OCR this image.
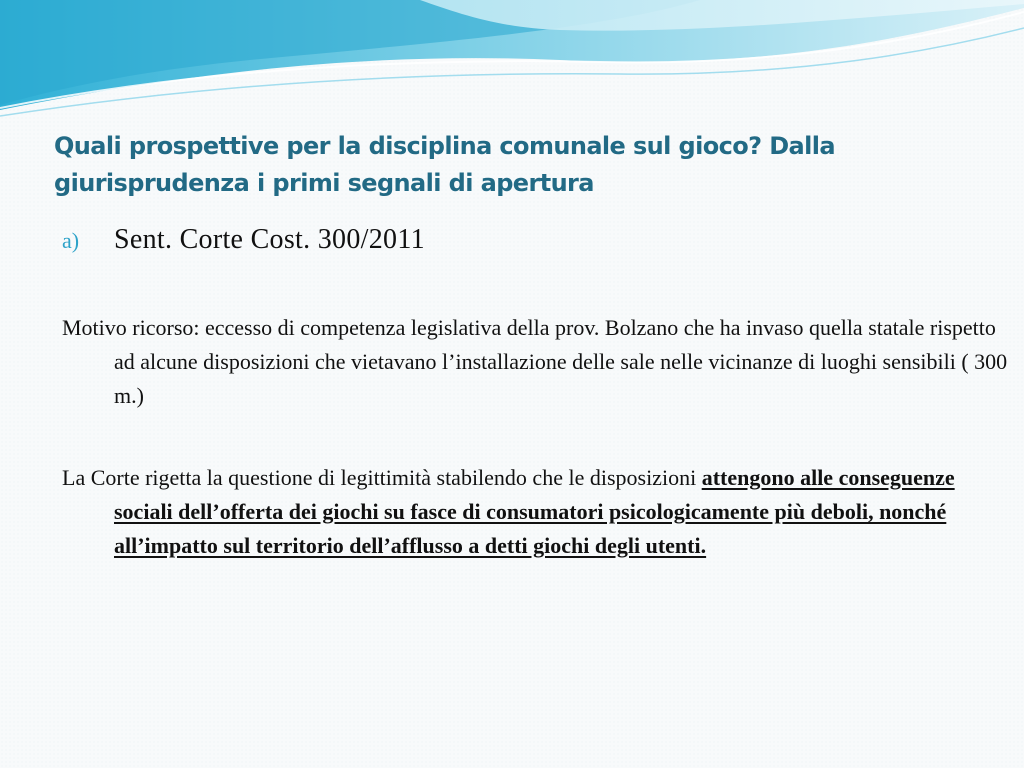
Quali prospettive per la disciplina comunale sul gioco? Dalla giurisprudenza i primi segnali di apertura
a) Sent. Corte Cost. 300/2011

Motivo ricorso: eccesso di competenza legislativa della prov. Bolzano che ha invaso quella statale rispetto ad alcune disposizioni che vietavano l’installazione delle sale nelle vicinanze di luoghi sensibili ( 300 m.)

La Corte rigetta la questione di legittimità stabilendo che le disposizioni attengono alle conseguenze sociali dell’offerta dei giochi su fasce di consumatori psicologicamente più deboli, nonché all’impatto sul territorio dell’afflusso a detti giochi degli utenti.
